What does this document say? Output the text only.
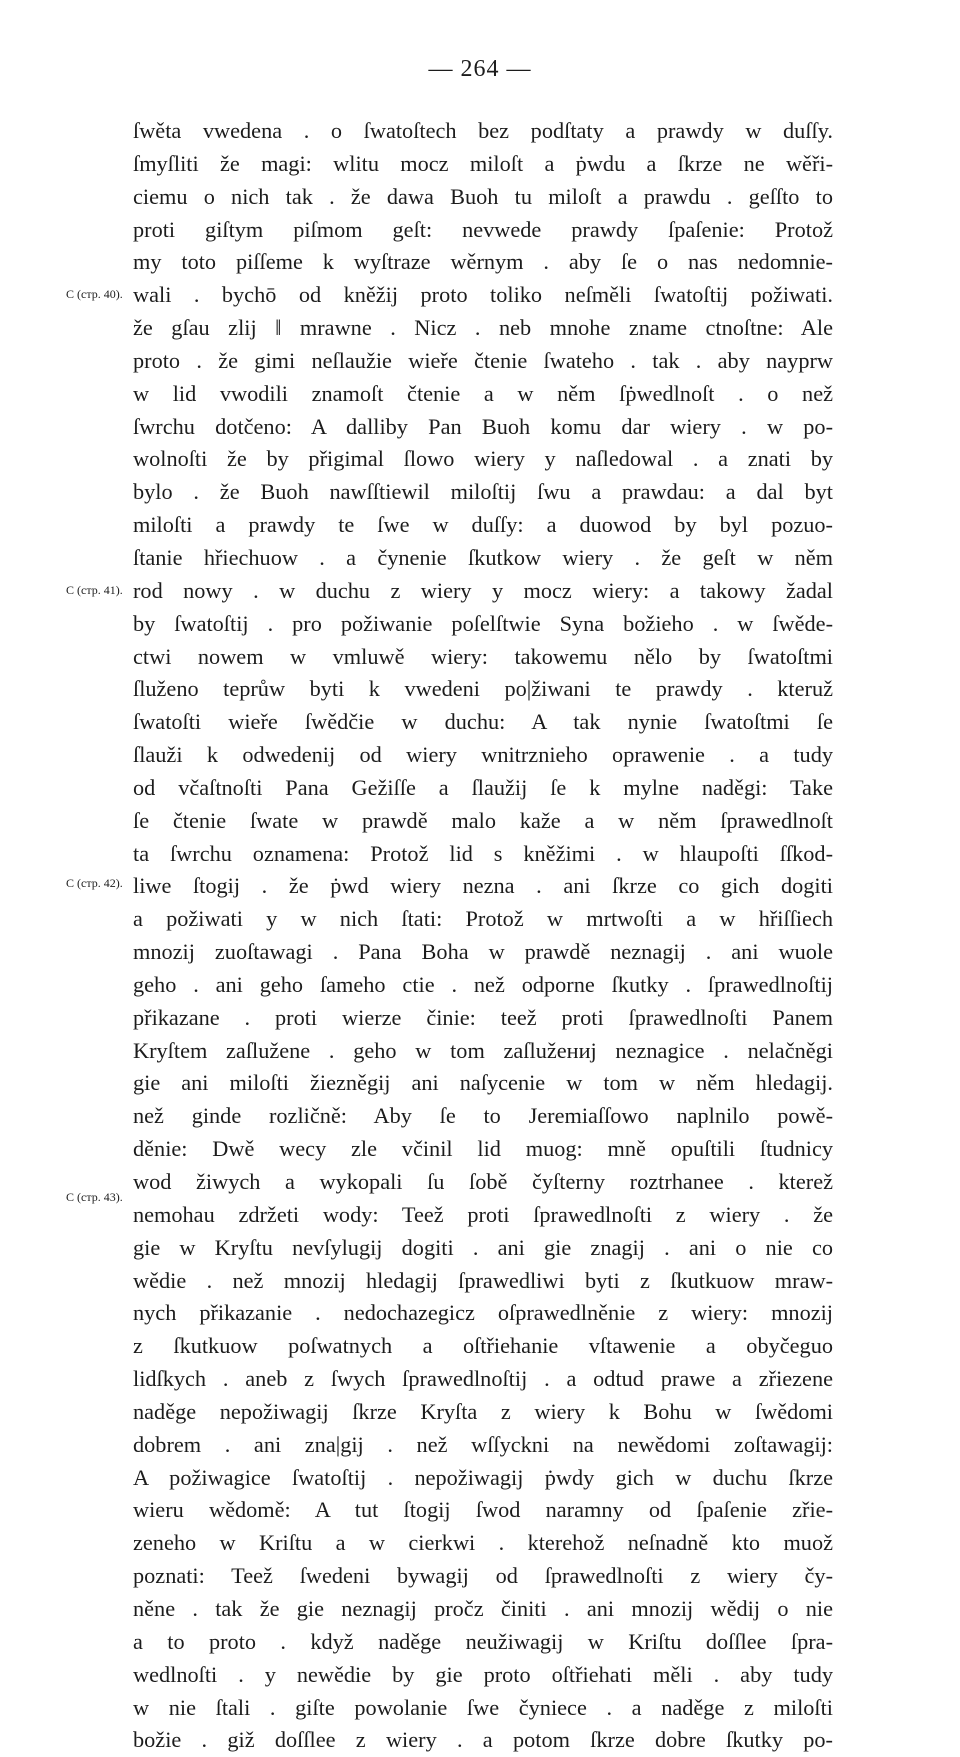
— 264 —
C (стр. 40).
C (стр. 41).
C (стр. 42).
C (стр. 43).
ſwěta vwedena . o ſwatoſtech bez podſtaty a prawdy w duſſy.
ſmyſliti že magi: wlitu mocz miloſt a ṗwdu a ſkrze ne wěři-
ciemu o nich tak . že dawa Buoh tu miloſt a prawdu . geſſto to
proti giſtym piſmom geſt: nevwede prawdy ſpaſenie: Protož
my toto piſſeme k wyſtraze wěrnym . aby ſe o nas nedomnie-
wali . bychō od kněžij proto toliko neſměli ſwatoſtij požiwati.
že gſau zlij ‖ mrawne . Nicz . neb mnohe zname ctnoſtne: Ale
proto . že gimi neſlaužie wieře čtenie ſwateho . tak . aby nayprw
w lid vwodili znamoſt čtenie a w něm ſṗwedlnoſt . o než
ſwrchu dotčeno: A dalliby Pan Buoh komu dar wiery . w po-
wolnoſti že by přigimal ſlowo wiery y naſledowal . a znati by
bylo . že Buoh nawſſtiewil miloſtij ſwu a prawdau: a dal byt
miloſti a prawdy te ſwe w duſſy: a duowod by byl pozuo-
ſtanie hřiechuow . a čynenie ſkutkow wiery . že geſt w něm
rod nowy . w duchu z wiery y mocz wiery: a takowy žadal
by ſwatoſtij . pro požiwanie poſelſtwie Syna božieho . w ſwěde-
ctwi nowem w vmluwě wiery: takowemu nělo by ſwatoſtmi
ſluženo teprůw byti k vwedeni po|žiwani te prawdy . kteruž
ſwatoſti wieře ſwědčie w duchu: A tak nynie ſwatoſtmi ſe
ſlauži k odwedenij od wiery wnitrznieho oprawenie . a tudy
od včaſtnoſti Pana Gežiſſe a ſlaužij ſe k mylne naděgi: Take
ſe čtenie ſwate w prawdě malo kaže a w něm ſprawedlnoſt
ta ſwrchu oznamena: Protož lid s kněžimi . w hlaupoſti ſſkod-
liwe ſtogij . že ṗwd wiery nezna . ani ſkrze co gich dogiti
a požiwati y w nich ſtati: Protož w mrtwoſti a w hřiſſiech
mnozij zuoſtawagi . Pana Boha w prawdě neznagij . ani wuole
geho . ani geho ſameho ctie . než odporne ſkutky . ſprawedlnoſtij
přikazane . proti wierze činie: teež proti ſprawedlnoſti Panem
Kryſtem zaſluženе . geho w tom zaſlužениj neznagice . nelačněgi
gie ani miloſti žiezněgij ani naſycenie w tom w něm hledagij.
než ginde rozličně: Aby ſe to Jeremiaſſowo naplnilo powě-
děnie: Dwě wecy zle včinil lid muog: mně opuſtili ſtudnicy
wod žiwych a wykopali ſu ſobě čyſterny roztrhanee . kterež
nemohau zdržeti wody: Teež proti ſprawedlnoſti z wiery . že
gie w Kryſtu nevſylugij dogiti . ani gie znagij . ani o nie co
wědie . než mnozij hledagij ſprawedliwi byti z ſkutkuow mraw-
nych přikazanie . nedochazegicz oſprawedlněnie z wiery: mnozij
z ſkutkuow poſwatnych a oſtřiehanie vſtawenie a obyčeguo
lidſkych . aneb z ſwych ſprawedlnoſtij . a odtud prawe a zřiezene
naděge nepožiwagij ſkrze Kryſta z wiery k Bohu w ſwědomi
dobrem . ani zna|gij . než wſſyckni na newědomi zoſtawagij:
A požiwagice ſwatoſtij . nepožiwagij ṗwdy gich w duchu ſkrze
wieru wědomě: A tut ſtogij ſwod naramny od ſpaſenie zřie-
zeneho w Kriſtu a w cierkwi . kterehož neſnadně kto muož
poznati: Teež ſwedeni bywagij od ſprawedlnoſti z wiery čy-
něne . tak že gie neznagij pročz činiti . ani mnozij wědij o nie
a to proto . když naděge neužiwagij w Kriſtu doſſlee ſpra-
wedlnoſti . y newědie by gie proto oſtřiehati měli . aby tudy
w nie ſtali . giſte powolanie ſwe čyniece . a naděge z miloſti
božie . giž doſſlee z wiery . a potom ſkrze dobre ſkutky po-
